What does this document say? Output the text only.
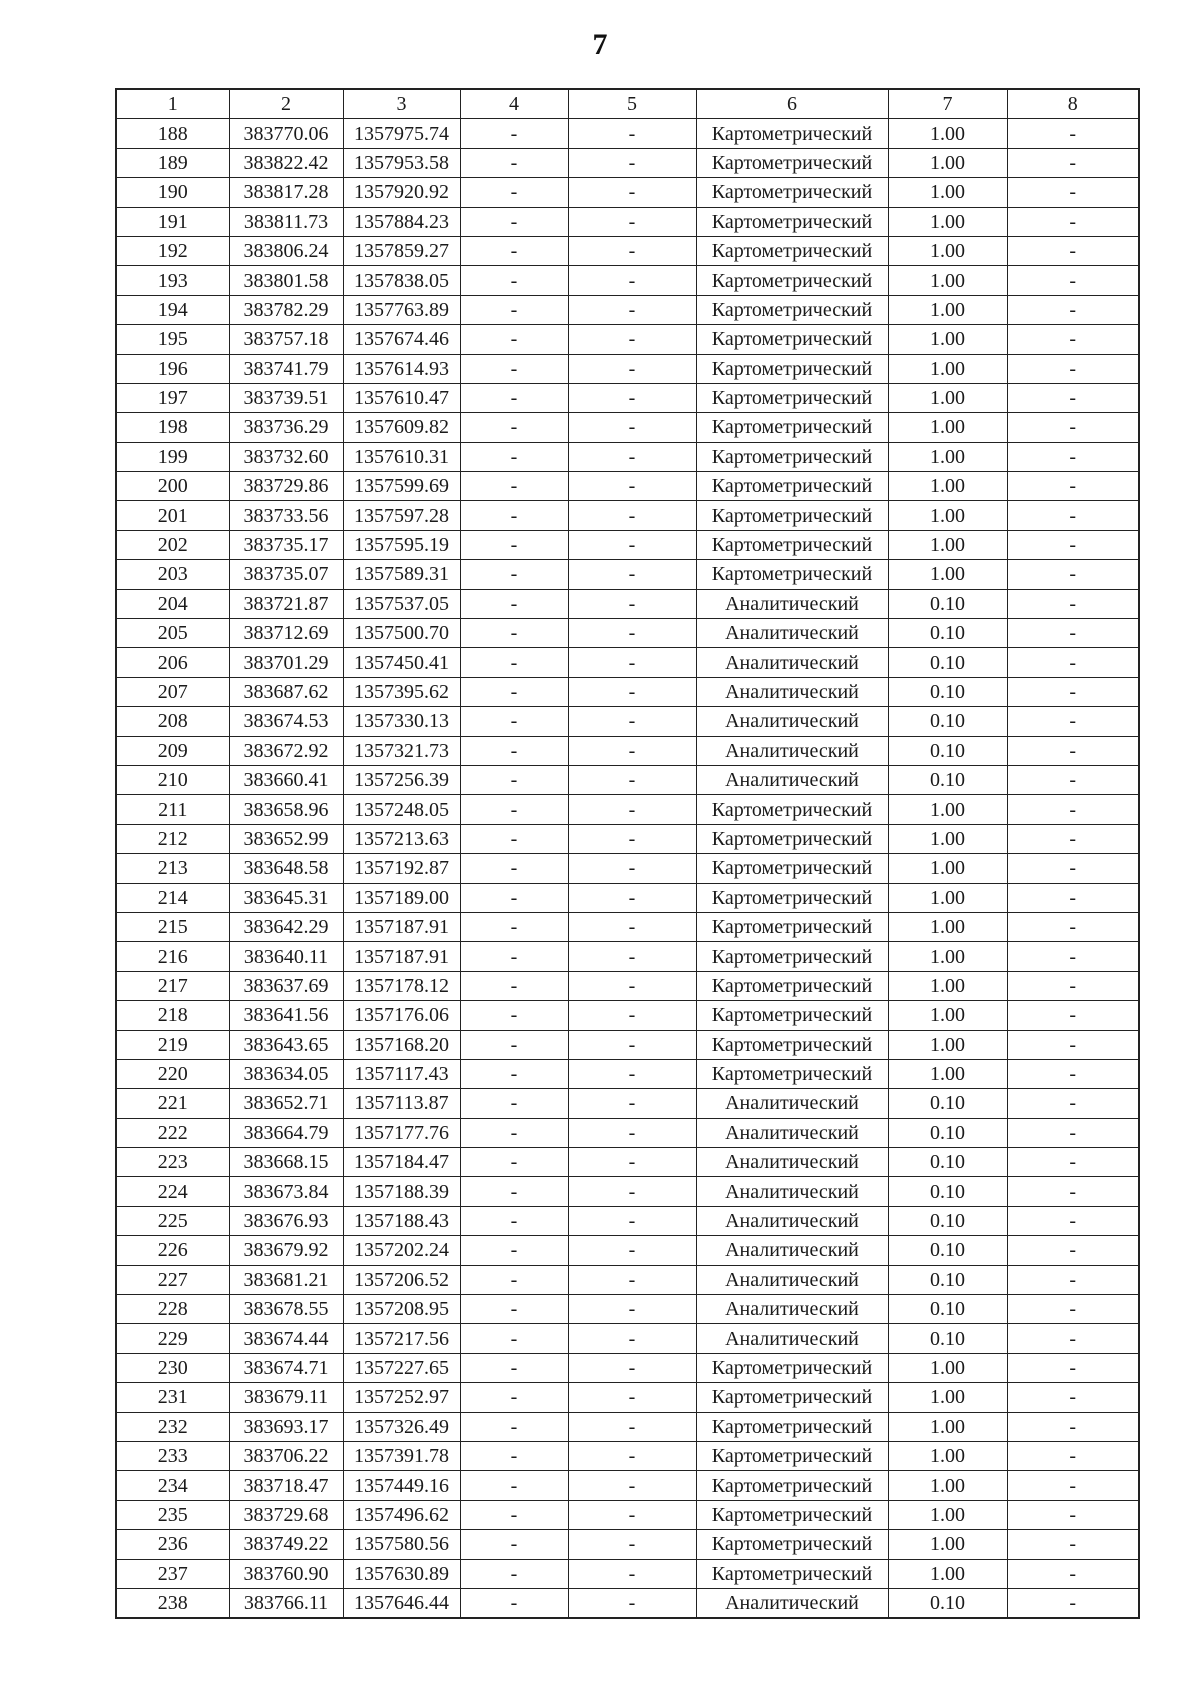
7
1	2	3	4	5	6	7	8
188	383770.06	1357975.74	-	-	Картометрический	1.00	-
189	383822.42	1357953.58	-	-	Картометрический	1.00	-
190	383817.28	1357920.92	-	-	Картометрический	1.00	-
191	383811.73	1357884.23	-	-	Картометрический	1.00	-
192	383806.24	1357859.27	-	-	Картометрический	1.00	-
193	383801.58	1357838.05	-	-	Картометрический	1.00	-
194	383782.29	1357763.89	-	-	Картометрический	1.00	-
195	383757.18	1357674.46	-	-	Картометрический	1.00	-
196	383741.79	1357614.93	-	-	Картометрический	1.00	-
197	383739.51	1357610.47	-	-	Картометрический	1.00	-
198	383736.29	1357609.82	-	-	Картометрический	1.00	-
199	383732.60	1357610.31	-	-	Картометрический	1.00	-
200	383729.86	1357599.69	-	-	Картометрический	1.00	-
201	383733.56	1357597.28	-	-	Картометрический	1.00	-
202	383735.17	1357595.19	-	-	Картометрический	1.00	-
203	383735.07	1357589.31	-	-	Картометрический	1.00	-
204	383721.87	1357537.05	-	-	Аналитический	0.10	-
205	383712.69	1357500.70	-	-	Аналитический	0.10	-
206	383701.29	1357450.41	-	-	Аналитический	0.10	-
207	383687.62	1357395.62	-	-	Аналитический	0.10	-
208	383674.53	1357330.13	-	-	Аналитический	0.10	-
209	383672.92	1357321.73	-	-	Аналитический	0.10	-
210	383660.41	1357256.39	-	-	Аналитический	0.10	-
211	383658.96	1357248.05	-	-	Картометрический	1.00	-
212	383652.99	1357213.63	-	-	Картометрический	1.00	-
213	383648.58	1357192.87	-	-	Картометрический	1.00	-
214	383645.31	1357189.00	-	-	Картометрический	1.00	-
215	383642.29	1357187.91	-	-	Картометрический	1.00	-
216	383640.11	1357187.91	-	-	Картометрический	1.00	-
217	383637.69	1357178.12	-	-	Картометрический	1.00	-
218	383641.56	1357176.06	-	-	Картометрический	1.00	-
219	383643.65	1357168.20	-	-	Картометрический	1.00	-
220	383634.05	1357117.43	-	-	Картометрический	1.00	-
221	383652.71	1357113.87	-	-	Аналитический	0.10	-
222	383664.79	1357177.76	-	-	Аналитический	0.10	-
223	383668.15	1357184.47	-	-	Аналитический	0.10	-
224	383673.84	1357188.39	-	-	Аналитический	0.10	-
225	383676.93	1357188.43	-	-	Аналитический	0.10	-
226	383679.92	1357202.24	-	-	Аналитический	0.10	-
227	383681.21	1357206.52	-	-	Аналитический	0.10	-
228	383678.55	1357208.95	-	-	Аналитический	0.10	-
229	383674.44	1357217.56	-	-	Аналитический	0.10	-
230	383674.71	1357227.65	-	-	Картометрический	1.00	-
231	383679.11	1357252.97	-	-	Картометрический	1.00	-
232	383693.17	1357326.49	-	-	Картометрический	1.00	-
233	383706.22	1357391.78	-	-	Картометрический	1.00	-
234	383718.47	1357449.16	-	-	Картометрический	1.00	-
235	383729.68	1357496.62	-	-	Картометрический	1.00	-
236	383749.22	1357580.56	-	-	Картометрический	1.00	-
237	383760.90	1357630.89	-	-	Картометрический	1.00	-
238	383766.11	1357646.44	-	-	Аналитический	0.10	-
